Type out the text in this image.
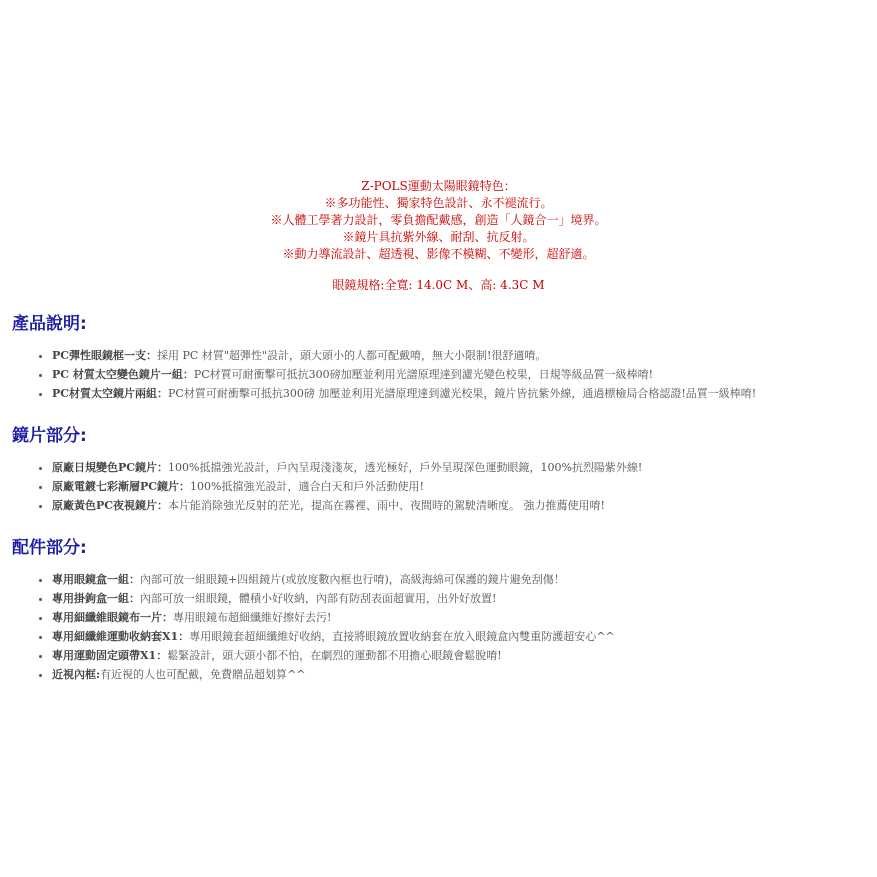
Z-POLS運動太陽眼鏡特色：
※多功能性、獨家特色設計、永不褪流行。
※人體工學著力設計，零負擔配戴感，創造「人鏡合一」境界。
※鏡片具抗紫外線、耐刮、抗反射。
※動力導流設計、超透視、影像不模糊、不變形，超舒適。
眼鏡規格:全寬: 14.0C M、高: 4.3C M
產品說明:
• PC彈性眼鏡框一支：採用 PC 材質"超彈性"設計，頭大頭小的人都可配戴唷，無大小限制!很舒適唷。
• PC 材質太空變色鏡片一組：PC材質可耐衝擊可抵抗300磅加壓並利用光譜原理達到濾光變色校果，日規等級品質一級棒唷!
• PC材質太空鏡片兩組：PC材質可耐衝擊可抵抗300磅 加壓並利用光譜原理達到濾光校果，鏡片皆抗紫外線，通過標檢局合格認證!品質一級棒唷!
鏡片部分:
• 原廠日規變色PC鏡片：100%抵擋強光設計，戶內呈現淺淺灰，透光極好，戶外呈現深色運動眼鏡，100%抗烈陽紫外線!
• 原廠電鍍七彩漸層PC鏡片：100%抵擋強光設計，適合白天和戶外活動使用!
• 原廠黃色PC夜視鏡片：本片能消除強光反射的茫光，提高在霧裡、雨中、夜間時的駕駛清晰度。 強力推薦使用唷!
配件部分:
• 專用眼鏡盒一組：內部可放一組眼鏡+四組鏡片(或放度數內框也行唷)，高級海綿可保護的鏡片避免刮傷！
• 專用掛鉤盒一組：內部可放一組眼鏡，體積小好收納，內部有防刮表面超實用，出外好放置!
• 專用細纖維眼鏡布一片：專用眼鏡布超細纖維好擦好去污!
• 專用細纖維運動收納套X1：專用眼鏡套超細纖維好收納，直接將眼鏡放置收納套在放入眼鏡盒內雙重防護超安心^^
• 專用運動固定頭帶X1：鬆緊設計，頭大頭小都不怕，在劇烈的運動都不用擔心眼鏡會鬆脫唷!
• 近視內框:有近視的人也可配戴，免費贈品超划算^^
